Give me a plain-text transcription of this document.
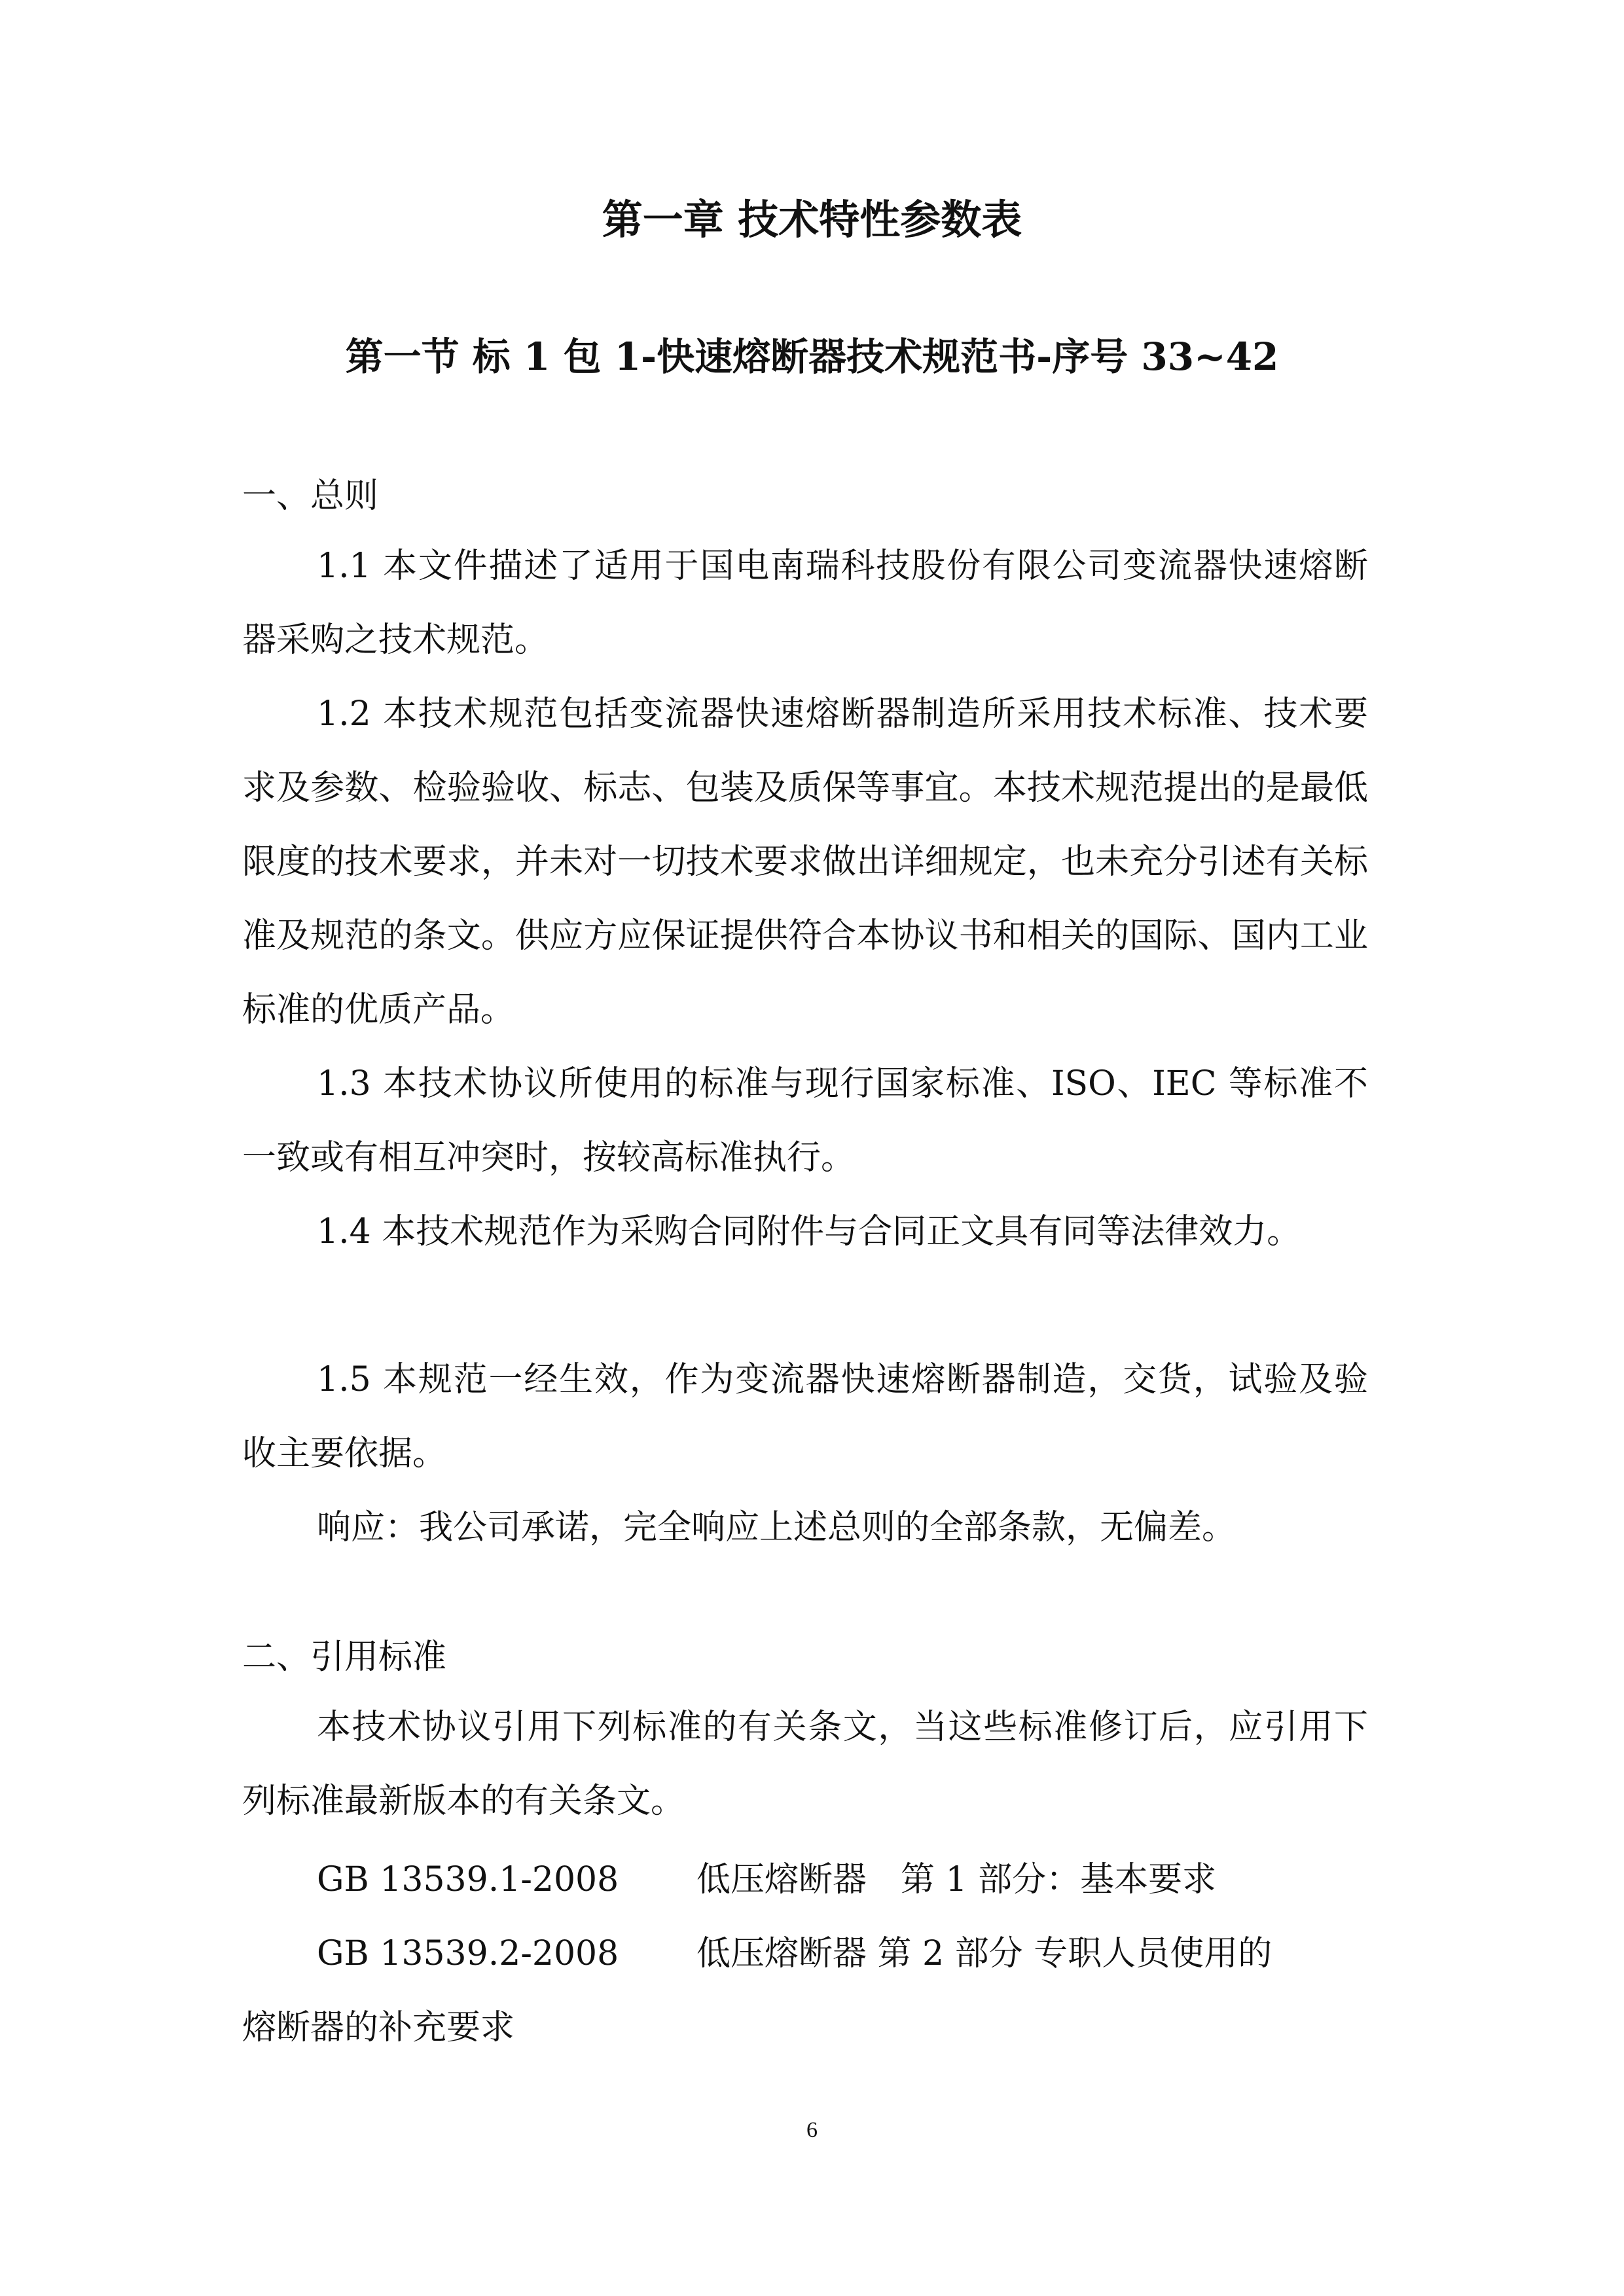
第一章 技术特性参数表
第一节 标 1 包 1-快速熔断器技术规范书-序号 33~42
一、总则
1.1 本文件描述了适用于国电南瑞科技股份有限公司变流器快速熔断器采购之技术规范。
1.2 本技术规范包括变流器快速熔断器制造所采用技术标准、技术要求及参数、检验验收、标志、包装及质保等事宜。本技术规范提出的是最低限度的技术要求，并未对一切技术要求做出详细规定，也未充分引述有关标准及规范的条文。供应方应保证提供符合本协议书和相关的国际、国内工业标准的优质产品。
1.3 本技术协议所使用的标准与现行国家标准、ISO、IEC 等标准不一致或有相互冲突时，按较高标准执行。
1.4 本技术规范作为采购合同附件与合同正文具有同等法律效力。
1.5 本规范一经生效，作为变流器快速熔断器制造，交货，试验及验收主要依据。
响应：我公司承诺，完全响应上述总则的全部条款，无偏差。
二、引用标准
本技术协议引用下列标准的有关条文，当这些标准修订后，应引用下列标准最新版本的有关条文。
GB 13539.1-2008 低压熔断器　第 1 部分：基本要求
GB 13539.2-2008 低压熔断器 第 2 部分 专职人员使用的
熔断器的补充要求
6
